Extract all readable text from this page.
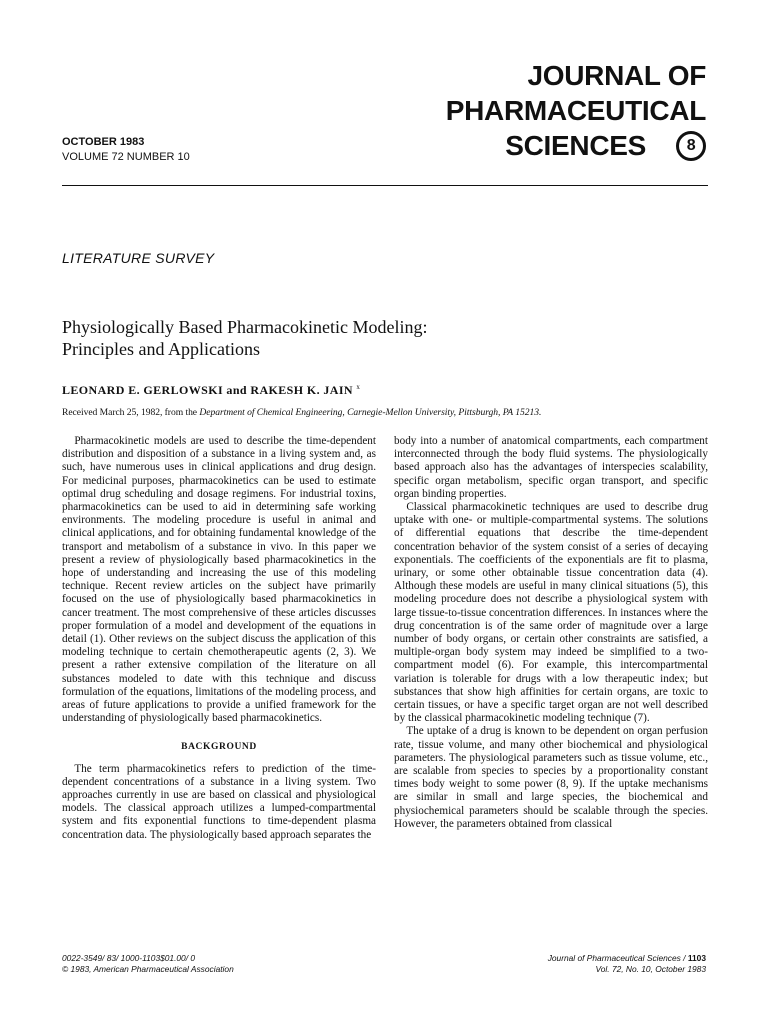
JOURNAL OF
PHARMACEUTICAL
SCIENCES	8
OCTOBER 1983
VOLUME 72 NUMBER 10
LITERATURE SURVEY
Physiologically Based Pharmacokinetic Modeling:
Principles and Applications
LEONARD E. GERLOWSKI and RAKESH K. JAIN $^x$
Received March 25, 1982, from the Department of Chemical Engineering, Carnegie-Mellon University, Pittsburgh, PA 15213.

Pharmacokinetic models are used to describe the time-dependent distribution and disposition of a substance in a living system and, as such, have numerous uses in clinical applications and drug design. For medicinal purposes, pharmacokinetics can be used to estimate optimal drug scheduling and dosage regimens. For industrial toxins, pharmacokinetics can be used to aid in determining safe working environments. The modeling procedure is useful in animal and clinical applications, and for obtaining fundamental knowledge of the transport and metabolism of a substance in vivo. In this paper we present a review of physiologically based pharmacokinetics in the hope of understanding and increasing the use of this modeling technique. Recent review articles on the subject have primarily focused on the use of physiologically based pharmacokinetics in cancer treatment. The most comprehensive of these articles discusses proper formulation of a model and development of the equations in detail (1). Other reviews on the subject discuss the application of this modeling technique to certain chemotherapeutic agents (2, 3). We present a rather extensive compilation of the literature on all substances modeled to date with this technique and discuss formulation of the equations, limitations of the modeling process, and areas of future applications to provide a unified framework for the understanding of physiologically based pharmacokinetics.

BACKGROUND

The term pharmacokinetics refers to prediction of the time-dependent concentrations of a substance in a living system. Two approaches currently in use are based on classical and physiological models. The classical approach utilizes a lumped-compartmental system and fits exponential functions to time-dependent plasma concentration data. The physiologically based approach separates the

body into a number of anatomical compartments, each compartment interconnected through the body fluid systems. The physiologically based approach also has the advantages of interspecies scalability, specific organ metabolism, specific organ transport, and specific organ binding properties.

Classical pharmacokinetic techniques are used to describe drug uptake with one- or multiple-compartmental systems. The solutions of differential equations that describe the time-dependent concentration behavior of the system consist of a series of decaying exponentials. The coefficients of the exponentials are fit to plasma, urinary, or some other obtainable tissue concentration data (4). Although these models are useful in many clinical situations (5), this modeling procedure does not describe a physiological system with large tissue-to-tissue concentration differences. In instances where the drug concentration is of the same order of magnitude over a large number of body organs, or certain other constraints are satisfied, a multiple-organ body system may indeed be simplified to a two-compartment model (6). For example, this intercompartmental variation is tolerable for drugs with a low therapeutic index; but substances that show high affinities for certain organs, are toxic to certain tissues, or have a specific target organ are not well described by the classical pharmacokinetic modeling technique (7).

The uptake of a drug is known to be dependent on organ perfusion rate, tissue volume, and many other biochemical and physiological parameters. The physiological parameters such as tissue volume, etc., are scalable from species to species by a proportionality constant times body weight to some power (8, 9). If the uptake mechanisms are similar in small and large species, the biochemical and physiochemical parameters should be scalable through the species. However, the parameters obtained from classical

0022-3549/ 83/ 1000-1103$01.00/ 0
© 1983, American Pharmaceutical Association
Journal of Pharmaceutical Sciences / 1103
Vol. 72, No. 10, October 1983
